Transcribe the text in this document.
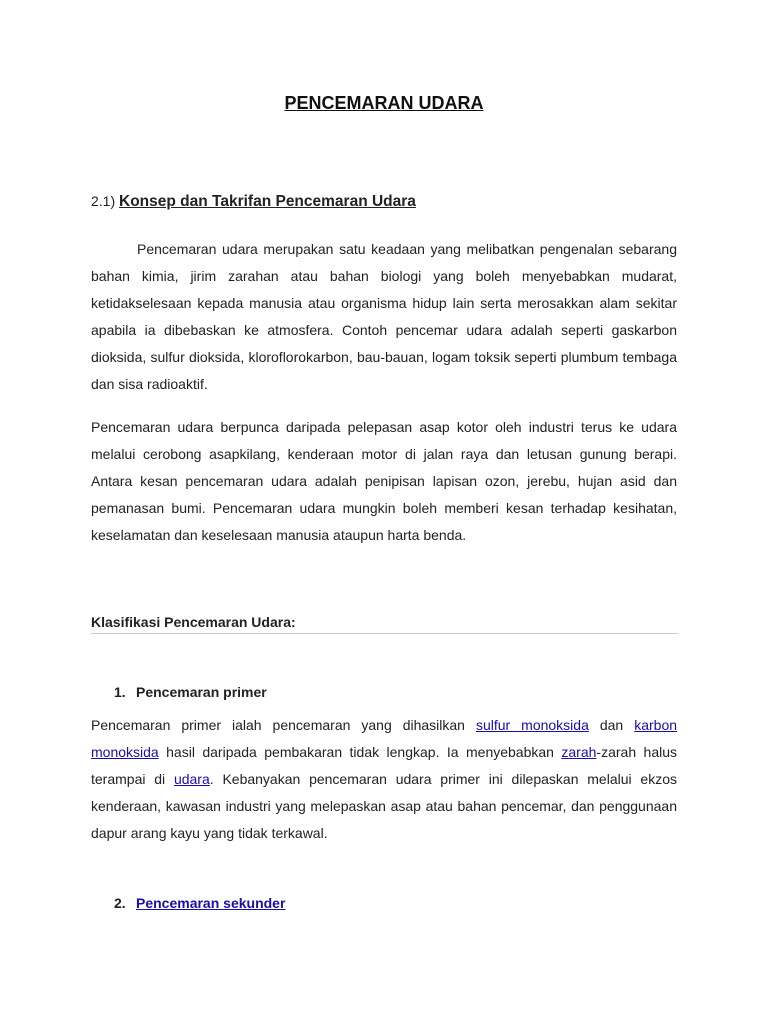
PENCEMARAN UDARA
2.1) Konsep dan Takrifan Pencemaran Udara

Pencemaran udara merupakan satu keadaan yang melibatkan pengenalan sebarang bahan kimia, jirim zarahan atau bahan biologi yang boleh menyebabkan mudarat, ketidakselesaan kepada manusia atau organisma hidup lain serta merosakkan alam sekitar apabila ia dibebaskan ke atmosfera. Contoh pencemar udara adalah seperti gaskarbon dioksida, sulfur dioksida, kloroflorokarbon, bau-bauan, logam toksik seperti plumbum tembaga dan sisa radioaktif.

Pencemaran udara berpunca daripada pelepasan asap kotor oleh industri terus ke udara melalui cerobong asapkilang, kenderaan motor di jalan raya dan letusan gunung berapi. Antara kesan pencemaran udara adalah penipisan lapisan ozon, jerebu, hujan asid dan pemanasan bumi. Pencemaran udara mungkin boleh memberi kesan terhadap kesihatan, keselamatan dan keselesaan manusia ataupun harta benda.

Klasifikasi Pencemaran Udara:
1. Pencemaran primer

Pencemaran primer ialah pencemaran yang dihasilkan sulfur monoksida dan karbon monoksida hasil daripada pembakaran tidak lengkap. Ia menyebabkan zarah-zarah halus terampai di udara. Kebanyakan pencemaran udara primer ini dilepaskan melalui ekzos kenderaan, kawasan industri yang melepaskan asap atau bahan pencemar, dan penggunaan dapur arang kayu yang tidak terkawal.

2. Pencemaran sekunder
